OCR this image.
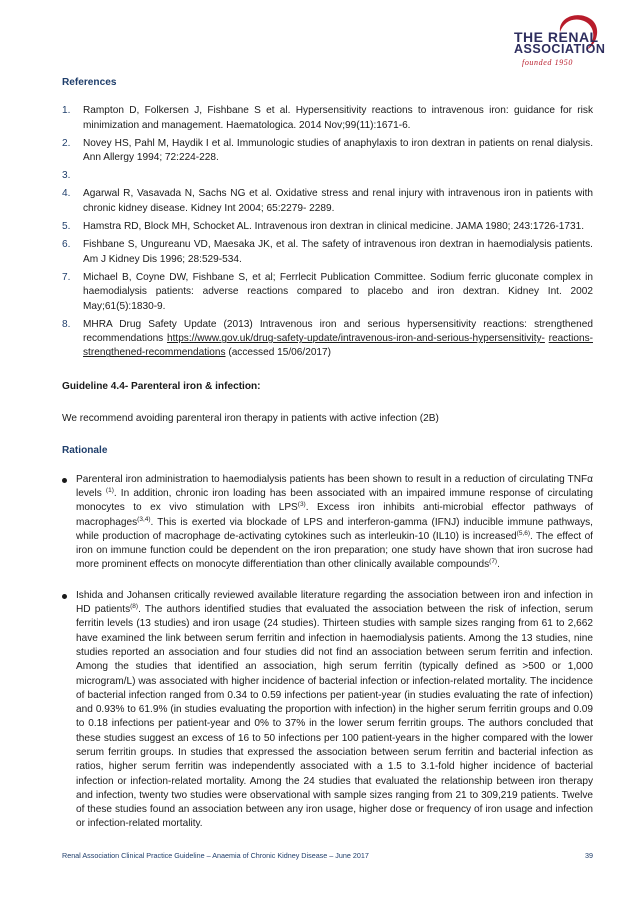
THE RENAL
ASSOCIATION
founded 1950
References
1. Rampton D, Folkersen J, Fishbane S et al. Hypersensitivity reactions to intravenous iron: guidance for risk minimization and management. Haematologica. 2014 Nov;99(11):1671-6.
2. Novey HS, Pahl M, Haydik I et al. Immunologic studies of anaphylaxis to iron dextran in patients on renal dialysis. Ann Allergy 1994; 72:224-228.
3.
4. Agarwal R, Vasavada N, Sachs NG et al. Oxidative stress and renal injury with intravenous iron in patients with chronic kidney disease. Kidney Int 2004; 65:2279- 2289.
5. Hamstra RD, Block MH, Schocket AL. Intravenous iron dextran in clinical medicine. JAMA 1980; 243:1726-1731.
6. Fishbane S, Ungureanu VD, Maesaka JK, et al. The safety of intravenous iron dextran in haemodialysis patients. Am J Kidney Dis 1996; 28:529-534.
7. Michael B, Coyne DW, Fishbane S, et al; Ferrlecit Publication Committee. Sodium ferric gluconate complex in haemodialysis patients: adverse reactions compared to placebo and iron dextran. Kidney Int. 2002 May;61(5):1830-9.
8. MHRA Drug Safety Update (2013) Intravenous iron and serious hypersensitivity reactions: strengthened recommendations https://www.gov.uk/drug-safety-update/intravenous-iron-and-serious-hypersensitivity- reactions-strengthened-recommendations (accessed 15/06/2017)
Guideline 4.4- Parenteral iron & infection:

We recommend avoiding parenteral iron therapy in patients with active infection (2B)

Rationale
Parenteral iron administration to haemodialysis patients has been shown to result in a reduction of circulating TNFα levels $^{(1)}$. In addition, chronic iron loading has been associated with an impaired immune response of circulating monocytes to ex vivo stimulation with LPS$^{(3)}$. Excess iron inhibits anti-microbial effector pathways of macrophages$^{(3,4)}$. This is exerted via blockade of LPS and interferon-gamma (IFNJ) inducible immune pathways, while production of macrophage de-activating cytokines such as interleukin-10 (IL10) is increased$^{(5,6)}$. The effect of iron on immune function could be dependent on the iron preparation; one study have shown that iron sucrose had more prominent effects on monocyte differentiation than other clinically available compounds$^{(7)}$.
Ishida and Johansen critically reviewed available literature regarding the association between iron and infection in HD patients$^{(8)}$. The authors identified studies that evaluated the association between the risk of infection, serum ferritin levels (13 studies) and iron usage (24 studies). Thirteen studies with sample sizes ranging from 61 to 2,662 have examined the link between serum ferritin and infection in haemodialysis patients. Among the 13 studies, nine studies reported an association and four studies did not find an association between serum ferritin and infection. Among the studies that identified an association, high serum ferritin (typically defined as >500 or 1,000 microgram/L) was associated with higher incidence of bacterial infection or infection-related mortality. The incidence of bacterial infection ranged from 0.34 to 0.59 infections per patient-year (in studies evaluating the rate of infection) and 0.93% to 61.9% (in studies evaluating the proportion with infection) in the higher serum ferritin groups and 0.09 to 0.18 infections per patient-year and 0% to 37% in the lower serum ferritin groups. The authors concluded that these studies suggest an excess of 16 to 50 infections per 100 patient-years in the higher compared with the lower serum ferritin groups. In studies that expressed the association between serum ferritin and bacterial infection as ratios, higher serum ferritin was independently associated with a 1.5 to 3.1-fold higher incidence of bacterial infection or infection-related mortality. Among the 24 studies that evaluated the relationship between iron therapy and infection, twenty two studies were observational with sample sizes ranging from 21 to 309,219 patients. Twelve of these studies found an association between any iron usage, higher dose or frequency of iron usage and infection or infection-related mortality.
Renal Association Clinical Practice Guideline – Anaemia of Chronic Kidney Disease – June 2017	39
